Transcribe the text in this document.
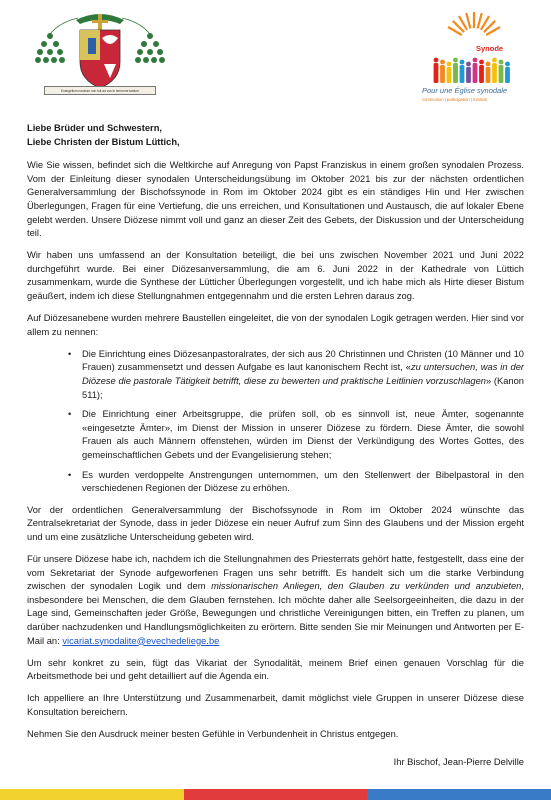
Evangelium nostrum non fuit ad vos in sermone tantum
Synode
Pour une Église synodale
communion | participation | mission

Liebe Brüder und Schwestern,
Liebe Christen der Bistum Lüttich,

Wie Sie wissen, befindet sich die Weltkirche auf Anregung von Papst Franziskus in einem großen synodalen Prozess. Vom der Einleitung dieser synodalen Unterscheidungsübung im Oktober 2021 bis zur der nächsten ordentlichen Generalversammlung der Bischofssynode in Rom im Oktober 2024 gibt es ein ständiges Hin und Her zwischen Überlegungen, Fragen für eine Vertiefung, die uns erreichen, und Konsultationen und Austausch, die auf lokaler Ebene gelebt werden. Unsere Diözese nimmt voll und ganz an dieser Zeit des Gebets, der Diskussion und der Unterscheidung teil.

Wir haben uns umfassend an der Konsultation beteiligt, die bei uns zwischen November 2021 und Juni 2022 durchgeführt wurde. Bei einer Diözesanversammlung, die am 6. Juni 2022 in der Kathedrale von Lüttich zusammenkam, wurde die Synthese der Lütticher Überlegungen vorgestellt, und ich habe mich als Hirte dieser Bistum geäußert, indem ich diese Stellungnahmen entgegennahm und die ersten Lehren daraus zog.

Auf Diözesanebene wurden mehrere Baustellen eingeleitet, die von der synodalen Logik getragen werden. Hier sind vor allem zu nennen:

• Die Einrichtung eines Diözesanpastoralrates, der sich aus 20 Christinnen und Christen (10 Männer und 10 Frauen) zusammensetzt und dessen Aufgabe es laut kanonischem Recht ist, «zu untersuchen, was in der Diözese die pastorale Tätigkeit betrifft, diese zu bewerten und praktische Leitlinien vorzuschlagen» (Kanon 511);
• Die Einrichtung einer Arbeitsgruppe, die prüfen soll, ob es sinnvoll ist, neue Ämter, sogenannte «eingesetzte Ämter», im Dienst der Mission in unserer Diözese zu fördern. Diese Ämter, die sowohl Frauen als auch Männern offenstehen, würden im Dienst der Verkündigung des Wortes Gottes, des gemeinschaftlichen Gebets und der Evangelisierung stehen;
• Es wurden verdoppelte Anstrengungen unternommen, um den Stellenwert der Bibelpastoral in den verschiedenen Regionen der Diözese zu erhöhen.

Vor der ordentlichen Generalversammlung der Bischofssynode in Rom im Oktober 2024 wünschte das Zentralsekretariat der Synode, dass in jeder Diözese ein neuer Aufruf zum Sinn des Glaubens und der Mission ergeht und um eine zusätzliche Unterscheidung gebeten wird.

Für unsere Diözese habe ich, nachdem ich die Stellungnahmen des Priesterrats gehört hatte, festgestellt, dass eine der vom Sekretariat der Synode aufgeworfenen Fragen uns sehr betrifft. Es handelt sich um die starke Verbindung zwischen der synodalen Logik und dem missionarischen Anliegen, den Glauben zu verkünden und anzubieten, insbesondere bei Menschen, die dem Glauben fernstehen. Ich möchte daher alle Seelsorgeeinheiten, die dazu in der Lage sind, Gemeinschaften jeder Größe, Bewegungen und christliche Vereinigungen bitten, ein Treffen zu planen, um darüber nachzudenken und Handlungsmöglichkeiten zu erörtern. Bitte senden Sie mir Meinungen und Antworten per E-Mail an: vicariat.synodalite@evechedeliege.be

Um sehr konkret zu sein, fügt das Vikariat der Synodalität, meinem Brief einen genauen Vorschlag für die Arbeitsmethode bei und geht detailliert auf die Agenda ein.

Ich appelliere an Ihre Unterstützung und Zusammenarbeit, damit möglichst viele Gruppen in unserer Diözese diese Konsultation bereichern.

Nehmen Sie den Ausdruck meiner besten Gefühle in Verbundenheit in Christus entgegen.

Ihr Bischof, Jean-Pierre Delville
